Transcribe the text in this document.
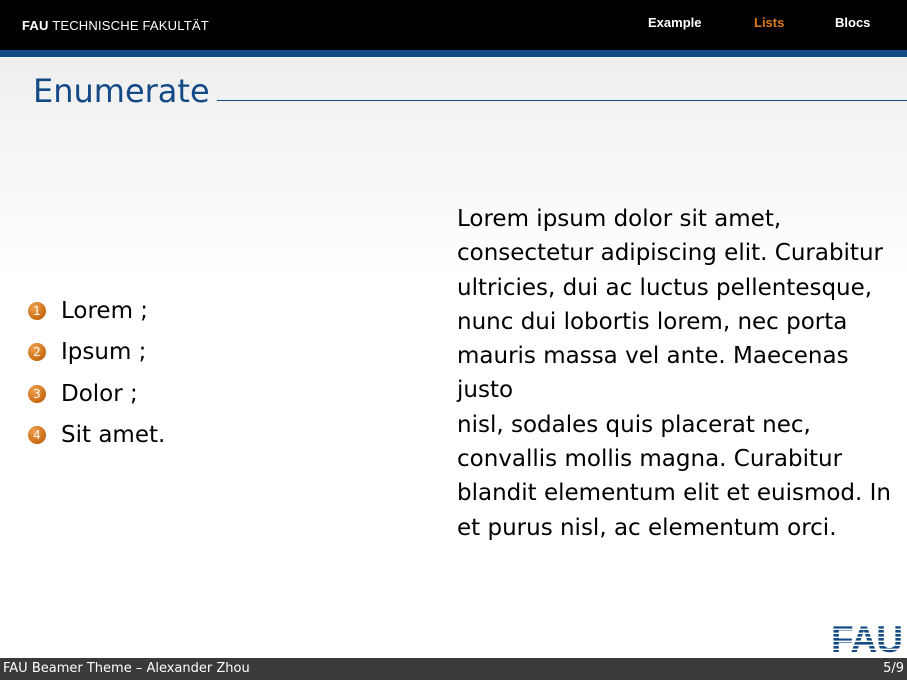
FAU TECHNISCHE FAKULTÄT	Example	Lists	Blocs
Enumerate
1 Lorem ;
2 Ipsum ;
3 Dolor ;
4 Sit amet.
Lorem ipsum dolor sit amet,
consectetur adipiscing elit. Curabitur
ultricies, dui ac luctus pellentesque,
nunc dui lobortis lorem, nec porta
mauris massa vel ante. Maecenas justo
nisl, sodales quis placerat nec,
convallis mollis magna. Curabitur
blandit elementum elit et euismod. In
et purus nisl, ac elementum orci.
FAU
FAU Beamer Theme – Alexander Zhou	5/9
